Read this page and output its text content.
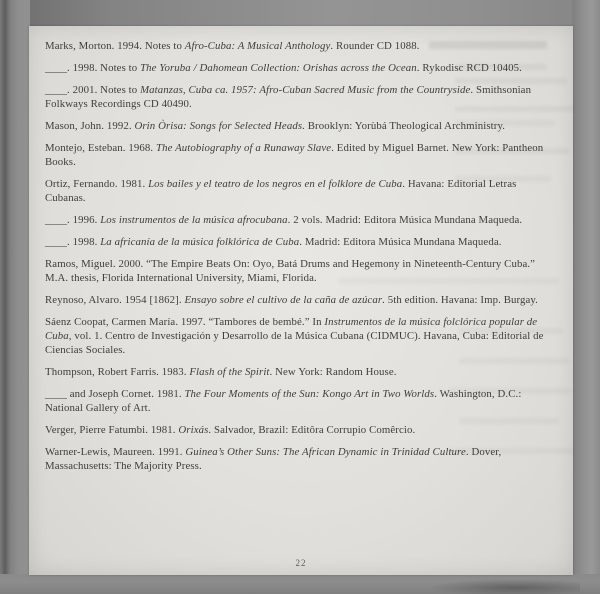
Marks, Morton. 1994. Notes to Afro-Cuba: A Musical Anthology. Rounder CD 1088.

____. 1998. Notes to The Yoruba / Dahomean Collection: Orishas across the Ocean. Rykodisc RCD 10405.

____. 2001. Notes to Matanzas, Cuba ca. 1957: Afro-Cuban Sacred Music from the Countryside. Smithsonian Folkways Recordings CD 40490.

Mason, John. 1992. Orin Òrisa: Songs for Selected Heads. Brooklyn: Yorùbá Theological Archministry.

Montejo, Esteban. 1968. The Autobiography of a Runaway Slave. Edited by Miguel Barnet. New York: Pantheon Books.

Ortiz, Fernando. 1981. Los bailes y el teatro de los negros en el folklore de Cuba. Havana: Editorial Letras Cubanas.

____. 1996. Los instrumentos de la música afrocubana. 2 vols. Madrid: Editora Música Mundana Maqueda.

____. 1998. La africanía de la música folklórica de Cuba. Madrid: Editora Música Mundana Maqueda.

Ramos, Miguel. 2000. “The Empire Beats On: Oyo, Batá Drums and Hegemony in Nineteenth-Century Cuba.” M.A. thesis, Florida International University, Miami, Florida.

Reynoso, Alvaro. 1954 [1862]. Ensayo sobre el cultivo de la caña de azúcar. 5th edition. Havana: Imp. Burgay.

Sáenz Coopat, Carmen María. 1997. “Tambores de bembé.” In Instrumentos de la música folclórica popular de Cuba, vol. 1. Centro de Investigación y Desarrollo de la Música Cubana (CIDMUC). Havana, Cuba: Editorial de Ciencias Sociales.

Thompson, Robert Farris. 1983. Flash of the Spirit. New York: Random House.

____ and Joseph Cornet. 1981. The Four Moments of the Sun: Kongo Art in Two Worlds. Washington, D.C.: National Gallery of Art.

Verger, Pierre Fatumbi. 1981. Orixás. Salvador, Brazil: Editôra Corrupio Comêrcio.

Warner-Lewis, Maureen. 1991. Guinea’s Other Suns: The African Dynamic in Trinidad Culture. Dover, Massachusetts: The Majority Press.

22
